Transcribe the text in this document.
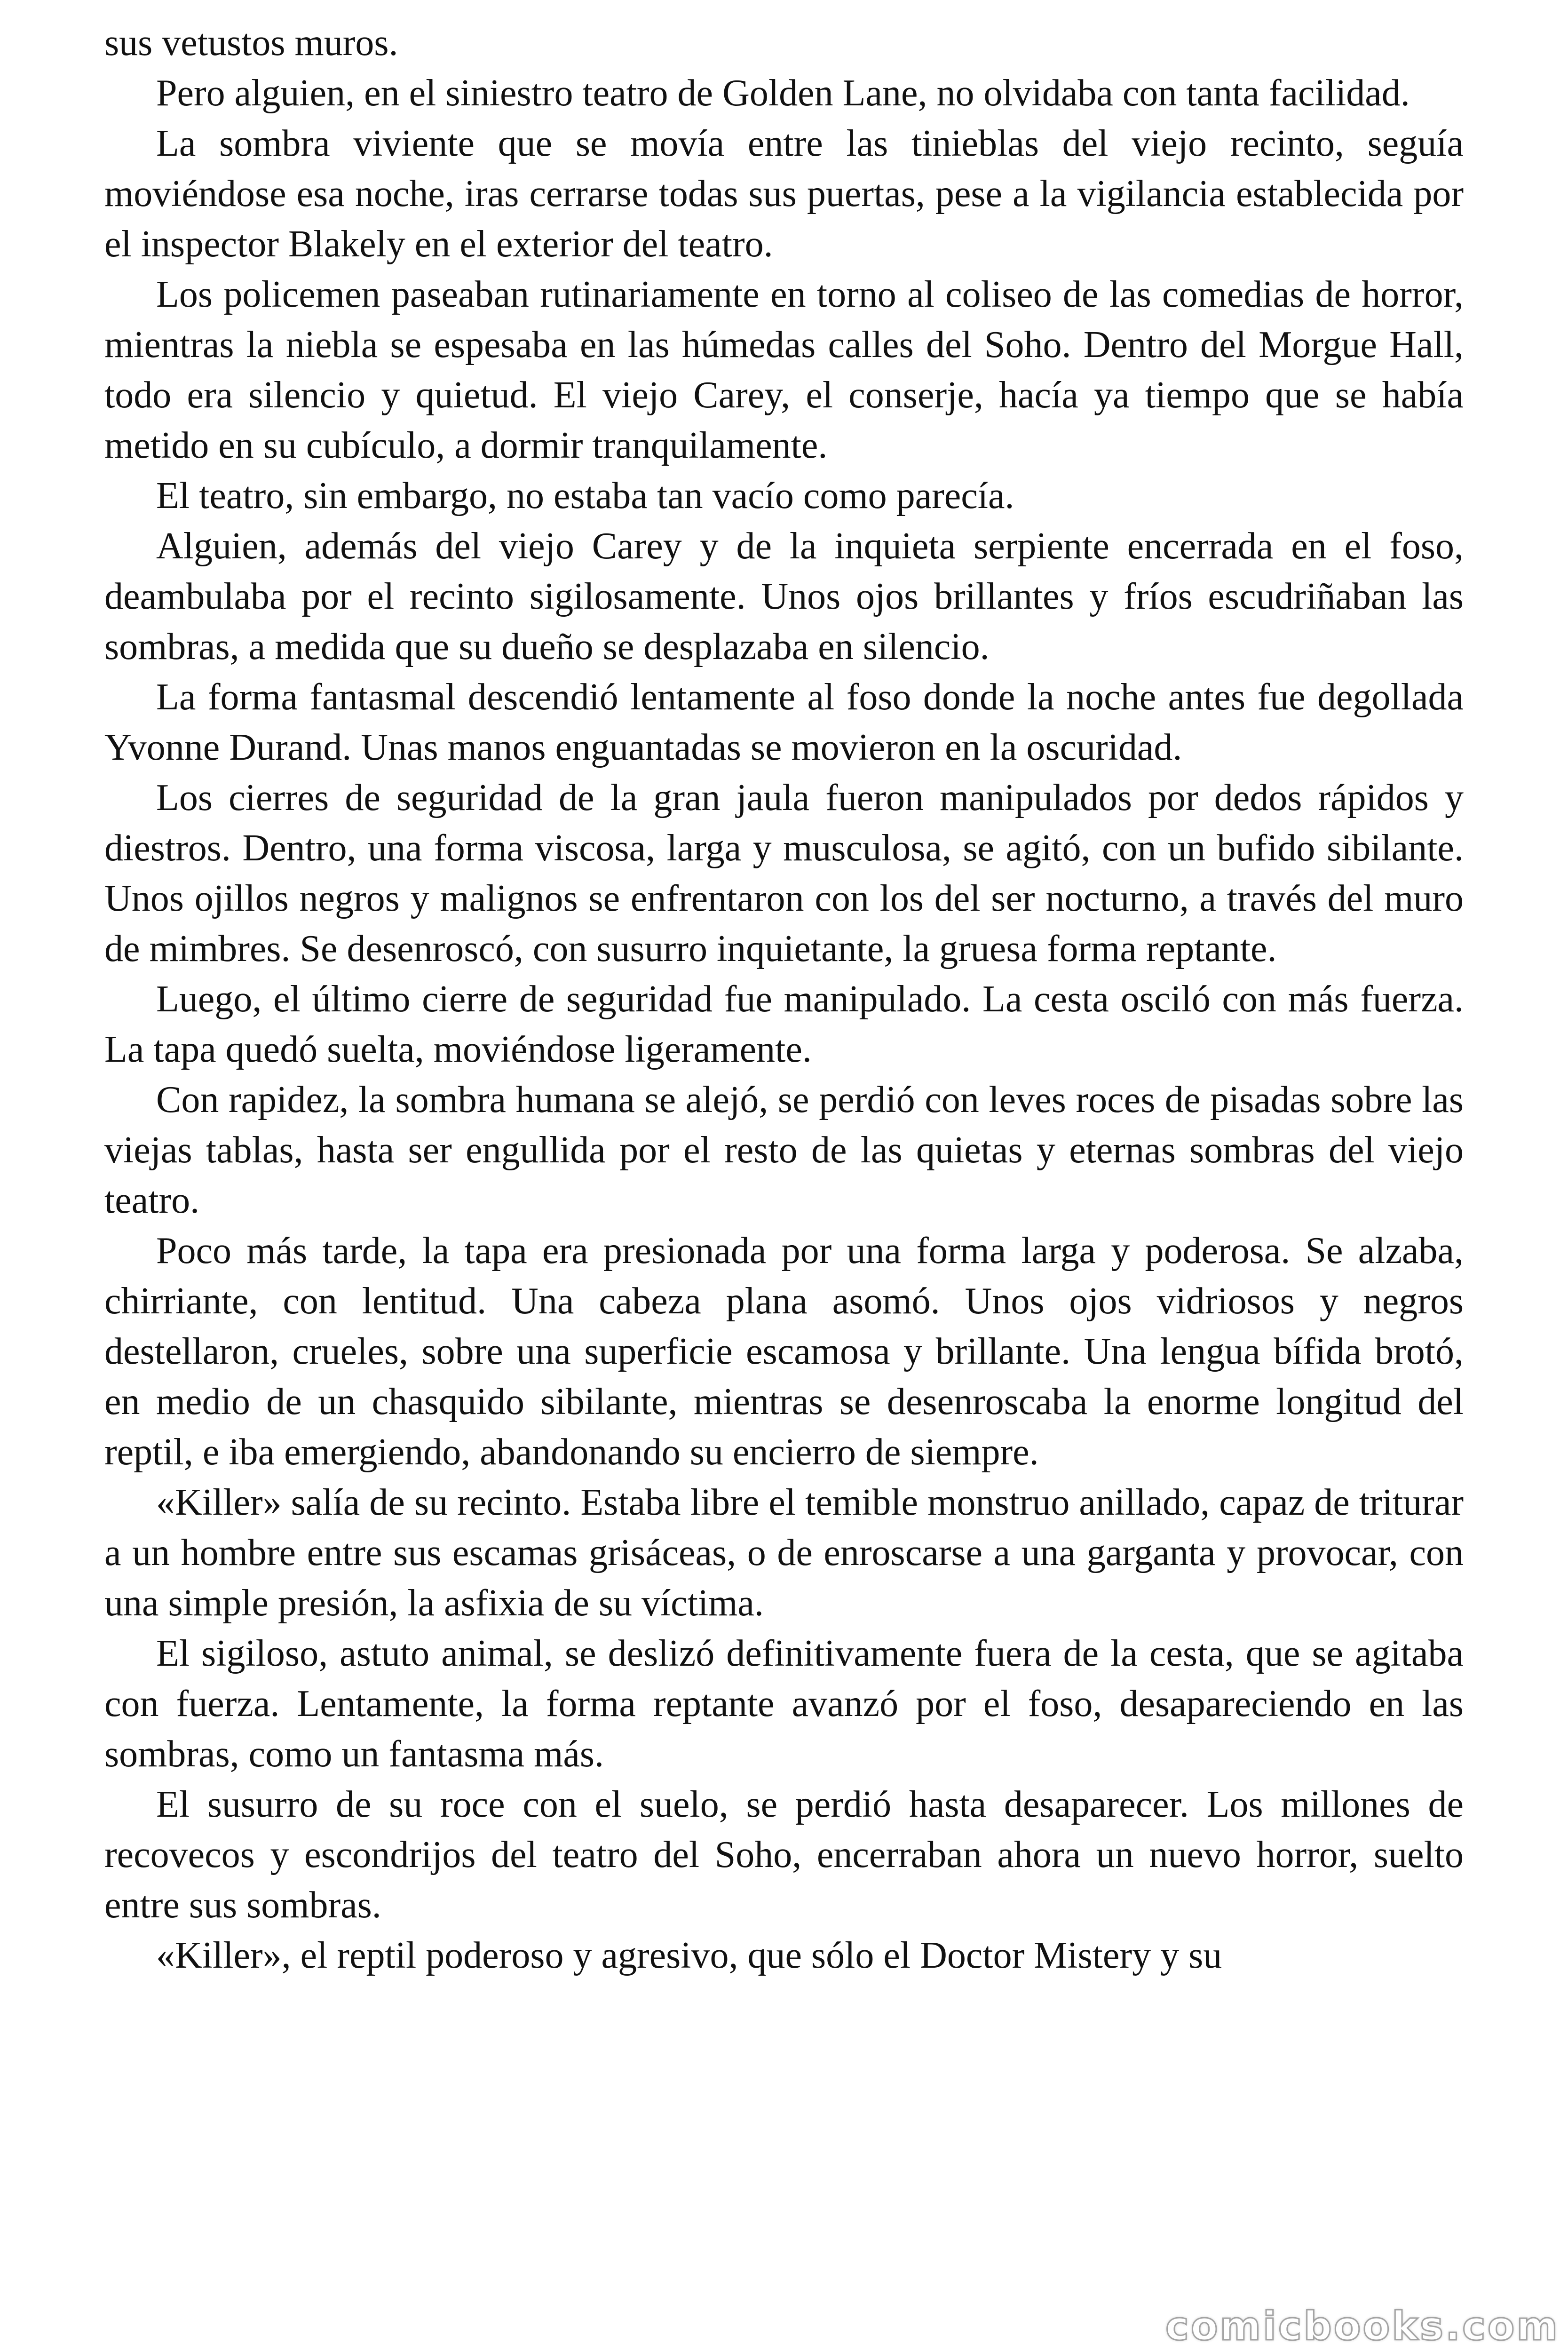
sus vetustos muros.

Pero alguien, en el siniestro teatro de Golden Lane, no olvidaba con tanta facilidad.

La sombra viviente que se movía entre las tinieblas del viejo recinto, seguía moviéndose esa noche, iras cerrarse todas sus puertas, pese a la vigilancia establecida por el inspector Blakely en el exterior del teatro.

Los policemen paseaban rutinariamente en torno al coliseo de las comedias de horror, mientras la niebla se espesaba en las húmedas calles del Soho. Dentro del Morgue Hall, todo era silencio y quietud. El viejo Carey, el conserje, hacía ya tiempo que se había metido en su cubículo, a dormir tranquilamente.

El teatro, sin embargo, no estaba tan vacío como parecía.

Alguien, además del viejo Carey y de la inquieta serpiente encerrada en el foso, deambulaba por el recinto sigilosamente. Unos ojos brillantes y fríos escudriñaban las sombras, a medida que su dueño se desplazaba en silencio.

La forma fantasmal descendió lentamente al foso donde la noche antes fue degollada Yvonne Durand. Unas manos enguantadas se movieron en la oscuridad.

Los cierres de seguridad de la gran jaula fueron manipulados por dedos rápidos y diestros. Dentro, una forma viscosa, larga y musculosa, se agitó, con un bufido sibilante. Unos ojillos negros y malignos se enfrentaron con los del ser nocturno, a través del muro de mimbres. Se desenroscó, con susurro inquietante, la gruesa forma reptante.

Luego, el último cierre de seguridad fue manipulado. La cesta osciló con más fuerza. La tapa quedó suelta, moviéndose ligeramente.

Con rapidez, la sombra humana se alejó, se perdió con leves roces de pisadas sobre las viejas tablas, hasta ser engullida por el resto de las quietas y eternas sombras del viejo teatro.

Poco más tarde, la tapa era presionada por una forma larga y poderosa. Se alzaba, chirriante, con lentitud. Una cabeza plana asomó. Unos ojos vidriosos y negros destellaron, crueles, sobre una superficie escamosa y brillante. Una lengua bífida brotó, en medio de un chasquido sibilante, mientras se desenroscaba la enorme longitud del reptil, e iba emergiendo, abandonando su encierro de siempre.

«Killer» salía de su recinto. Estaba libre el temible monstruo anillado, capaz de triturar a un hombre entre sus escamas grisáceas, o de enroscarse a una garganta y provocar, con una simple presión, la asfixia de su víctima.

El sigiloso, astuto animal, se deslizó definitivamente fuera de la cesta, que se agitaba con fuerza. Lentamente, la forma reptante avanzó por el foso, desapareciendo en las sombras, como un fantasma más.

El susurro de su roce con el suelo, se perdió hasta desaparecer. Los millones de recovecos y escondrijos del teatro del Soho, encerraban ahora un nuevo horror, suelto entre sus sombras.

«Killer», el reptil poderoso y agresivo, que sólo el Doctor Mistery y su

comicbooks.com
